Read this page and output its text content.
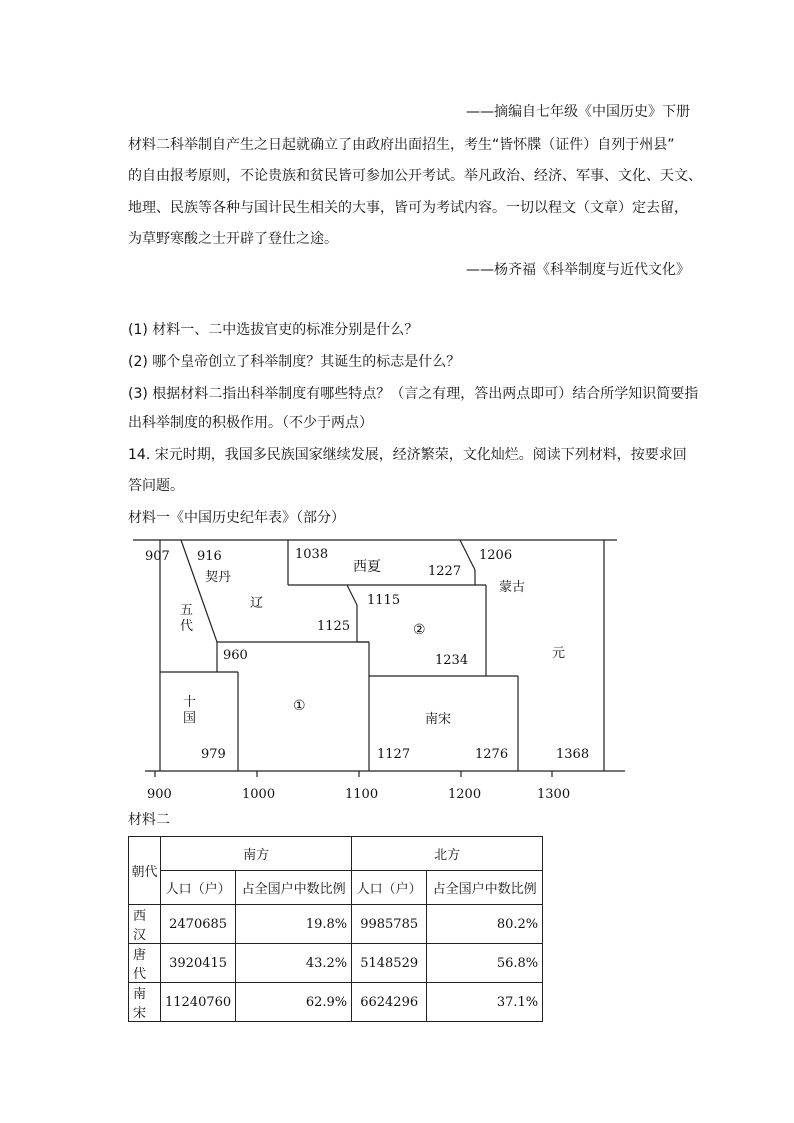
——摘编自七年级《中国历史》下册
材料二科举制自产生之日起就确立了由政府出面招生，考生“皆怀牒（证件）自列于州县”
的自由报考原则，不论贵族和贫民皆可参加公开考试。举凡政治、经济、军事、文化、天文、
地理、民族等各种与国计民生相关的大事，皆可为考试内容。一切以程文（文章）定去留，
为草野寒酸之士开辟了登仕之途。
——杨齐福《科举制度与近代文化》
(1) 材料一、二中选拔官吏的标准分别是什么？
(2) 哪个皇帝创立了科举制度？其诞生的标志是什么？
(3) 根据材料二指出科举制度有哪些特点？（言之有理，答出两点即可）结合所学知识简要指
出科举制度的积极作用。（不少于两点）
14. 宋元时期，我国多民族国家继续发展，经济繁荣，文化灿烂。阅读下列材料，按要求回
答问题。
材料一《中国历史纪年表》（部分）
907 916
契丹
五
代
辽
1038
西夏	1227
1206
蒙古
1115
1125	②
960	1234	元
十
国
①
南宋
979	1127	1276	1368
900	1000	1100	1200	1300
材料二
朝代	南方		北方	
	人口（户）	占全国户中数比例	人口（户）	占全国户中数比例
西汉	2470685	19.8%	9985785	80.2%
唐代	3920415	43.2%	5148529	56.8%
南宋	11240760	62.9%	6624296	37.1%
